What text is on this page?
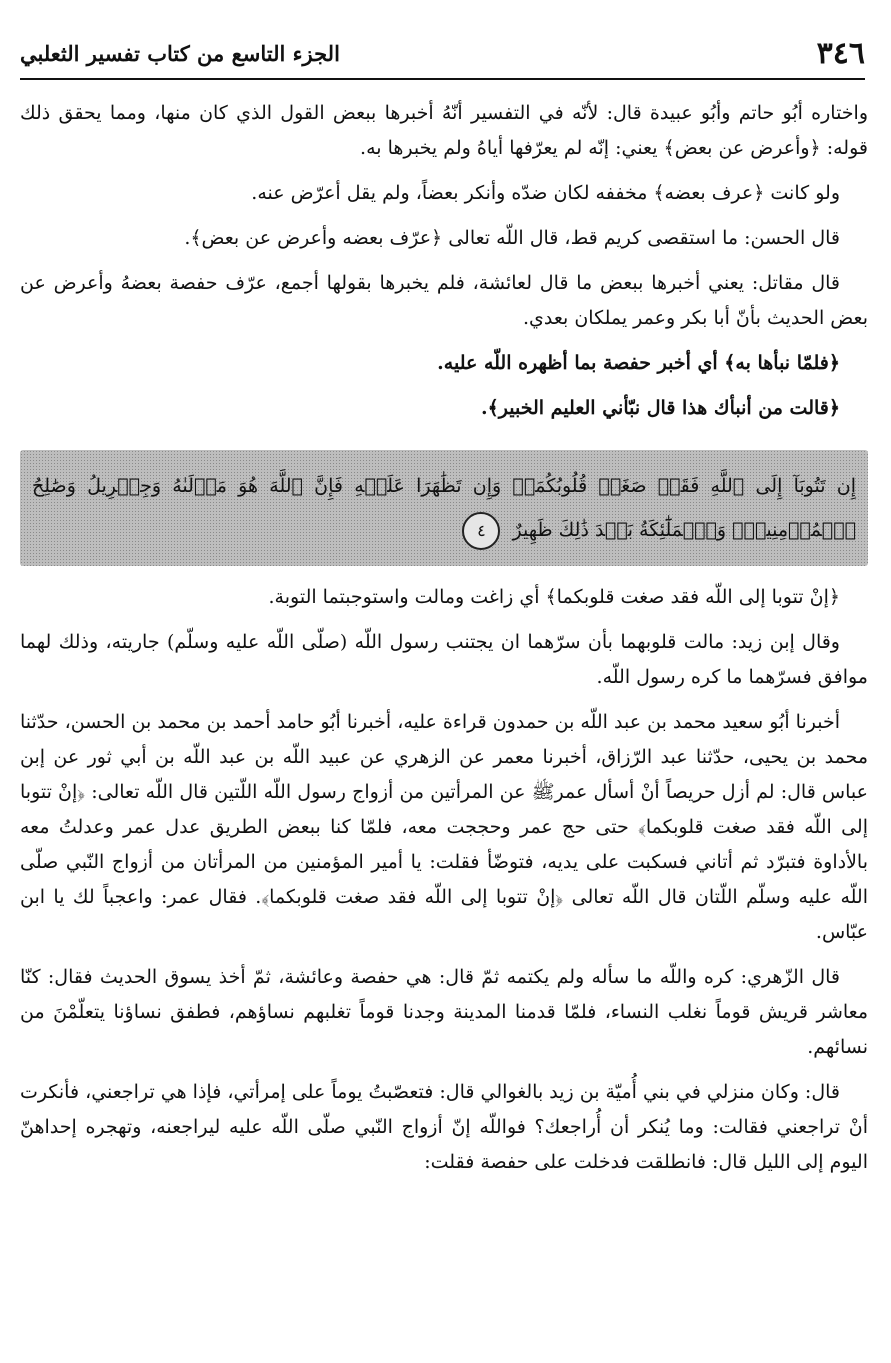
٣٤٦
الجزء التاسع من كتاب تفسير الثعلبي

واختاره أبُو حاتم وأبُو عبيدة قال: لأنّه في التفسير أنّهُ أخبرها ببعض القول الذي كان منها، ومما يحقق ذلك قوله: ﴿وأعرض عن بعض﴾ يعني: إنّه لم يعرّفها أياهُ ولم يخبرها به.

ولو كانت ﴿عرف بعضه﴾ مخففه لكان ضدّه وأنكر بعضاً، ولم يقل أعرّض عنه.

قال الحسن: ما استقصى كريم قط، قال اللّه تعالى ﴿عرّف بعضه وأعرض عن بعض﴾.

قال مقاتل: يعني أخبرها ببعض ما قال لعائشة، فلم يخبرها بقولها أجمع، عرّف حفصة بعضهُ وأعرض عن بعض الحديث بأنّ أبا بكر وعمر يملكان بعدي.

﴿فلمّا نبأها به﴾ أي أخبر حفصة بما أظهره اللّه عليه.

﴿قالت من أنبأك هذا قال نبّأني العليم الخبير﴾.

إِن تَتُوبَآ إِلَى ٱللَّهِ فَقَدۡ صَغَتۡ قُلُوبُكُمَاۖ وَإِن تَظَٰهَرَا عَلَيۡهِ فَإِنَّ ٱللَّهَ هُوَ مَوۡلَىٰهُ وَجِبۡرِيلُ وَصَٰلِحُ ٱلۡمُؤۡمِنِينَۖ وَٱلۡمَلَٰٓئِكَةُ بَعۡدَ ذَٰلِكَ ظَهِيرٌ ٤

﴿إنْ تتوبا إلى اللّه فقد صغت قلوبكما﴾ أي زاغت ومالت واستوجبتما التوبة.

وقال إبن زيد: مالت قلوبهما بأن سرّهما ان يجتنب رسول اللّه (صلّى اللّه عليه وسلّم) جاريته، وذلك لهما موافق فسرّهما ما كره رسول اللّه.

أخبرنا أبُو سعيد محمد بن عبد اللّه بن حمدون قراءة عليه، أخبرنا أبُو حامد أحمد بن محمد بن الحسن، حدّثنا محمد بن يحيى، حدّثنا عبد الرّزاق، أخبرنا معمر عن الزهري عن عبيد اللّه بن عبد اللّه بن أبي ثور عن إبن عباس قال: لم أزل حريصاً أنْ أسأل عمرﷺ عن المرأتين من أزواج رسول اللّه اللّتين قال اللّه تعالى: ﴿إنْ تتوبا إلى اللّه فقد صغت قلوبكما﴾ حتى حج عمر وحججت معه، فلمّا كنا ببعض الطريق عدل عمر وعدلتُ معه بالأداوة فتبرّد ثم أتاني فسكبت على يديه، فتوضّأ فقلت: يا أمير المؤمنين من المرأتان من أزواج النّبي صلّى اللّه عليه وسلّم اللّتان قال اللّه تعالى ﴿إنْ تتوبا إلى اللّه فقد صغت قلوبكما﴾. فقال عمر: واعجباً لك يا ابن عبّاس.

قال الزّهري: كره واللّه ما سأله ولم يكتمه ثمّ قال: هي حفصة وعائشة، ثمّ أخذ يسوق الحديث فقال: كنّا معاشر قريش قوماً نغلب النساء، فلمّا قدمنا المدينة وجدنا قوماً تغلبهم نساؤهم، فطفق نساؤنا يتعلّمْنَ من نسائهم.

قال: وكان منزلي في بني أُميّة بن زيد بالغوالي قال: فتعصّبتُ يوماً على إمرأتي، فإذا هي تراجعني، فأنكرت أنْ تراجعني فقالت: وما يُنكر أن أُراجعك؟ فواللّه إنّ أزواج النّبي صلّى اللّه عليه ليراجعنه، وتهجره إحداهنّ اليوم إلى الليل قال: فانطلقت فدخلت على حفصة فقلت:
